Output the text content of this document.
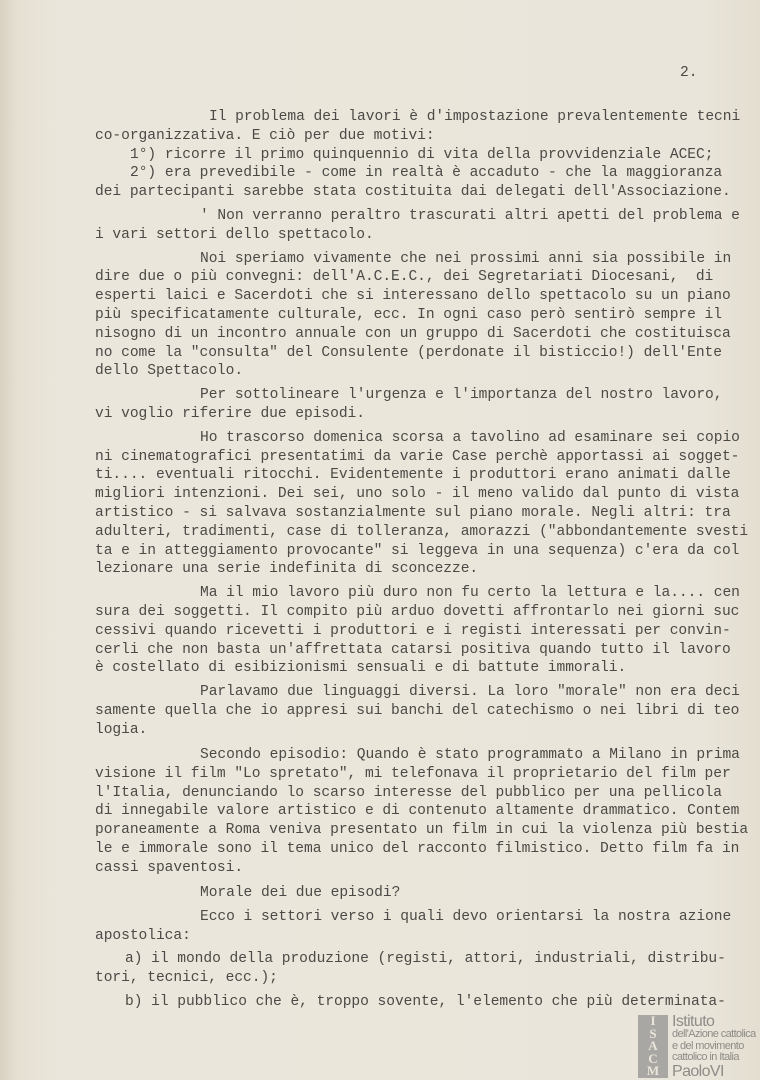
2.
Il problema dei lavori è d'impostazione prevalentemente tecni
co-organizzativa. E ciò per due motivi:
1°) ricorre il primo quinquennio di vita della provvidenziale ACEC;
2°) era prevedibile - come in realtà è accaduto - che la maggioranza
dei partecipanti sarebbe stata costituita dai delegati dell'Associazione.
' Non verranno peraltro trascurati altri apetti del problema e
i vari settori dello spettacolo.
Noi speriamo vivamente che nei prossimi anni sia possibile in
dire due o più convegni: dell'A.C.E.C., dei Segretariati Diocesani,  di
esperti laici e Sacerdoti che si interessano dello spettacolo su un piano
più specificatamente culturale, ecc. In ogni caso però sentirò sempre il
nisogno di un incontro annuale con un gruppo di Sacerdoti che costituisca
no come la "consulta" del Consulente (perdonate il bisticcio!) dell'Ente
dello Spettacolo.
Per sottolineare l'urgenza e l'importanza del nostro lavoro,
vi voglio riferire due episodi.
Ho trascorso domenica scorsa a tavolino ad esaminare sei copio
ni cinematografici presentatimi da varie Case perchè apportassi ai sogget-
ti.... eventuali ritocchi. Evidentemente i produttori erano animati dalle
migliori intenzioni. Dei sei, uno solo - il meno valido dal punto di vista
artistico - si salvava sostanzialmente sul piano morale. Negli altri: tra
adulteri, tradimenti, case di tolleranza, amorazzi ("abbondantemente svesti
ta e in atteggiamento provocante" si leggeva in una sequenza) c'era da col
lezionare una serie indefinita di sconcezze.
Ma il mio lavoro più duro non fu certo la lettura e la.... cen
sura dei soggetti. Il compito più arduo dovetti affrontarlo nei giorni suc
cessivi quando ricevetti i produttori e i registi interessati per convin-
cerli che non basta un'affrettata catarsi positiva quando tutto il lavoro
è costellato di esibizionismi sensuali e di battute immorali.
Parlavamo due linguaggi diversi. La loro "morale" non era deci
samente quella che io appresi sui banchi del catechismo o nei libri di teo
logia.
Secondo episodio: Quando è stato programmato a Milano in prima
visione il film "Lo spretato", mi telefonava il proprietario del film per
l'Italia, denunciando lo scarso interesse del pubblico per una pellicola
di innegabile valore artistico e di contenuto altamente drammatico. Contem
poraneamente a Roma veniva presentato un film in cui la violenza più bestia
le e immorale sono il tema unico del racconto filmistico. Detto film fa in
cassi spaventosi.
Morale dei due episodi?
Ecco i settori verso i quali devo orientarsi la nostra azione
apostolica:
a) il mondo della produzione (registi, attori, industriali, distribu-
tori, tecnici, ecc.);
b) il pubblico che è, troppo sovente, l'elemento che più determinata-
I
S
A
C
M
Istituto
dell'Azione cattolica
e del movimento
cattolico in Italia
PaoloVI
